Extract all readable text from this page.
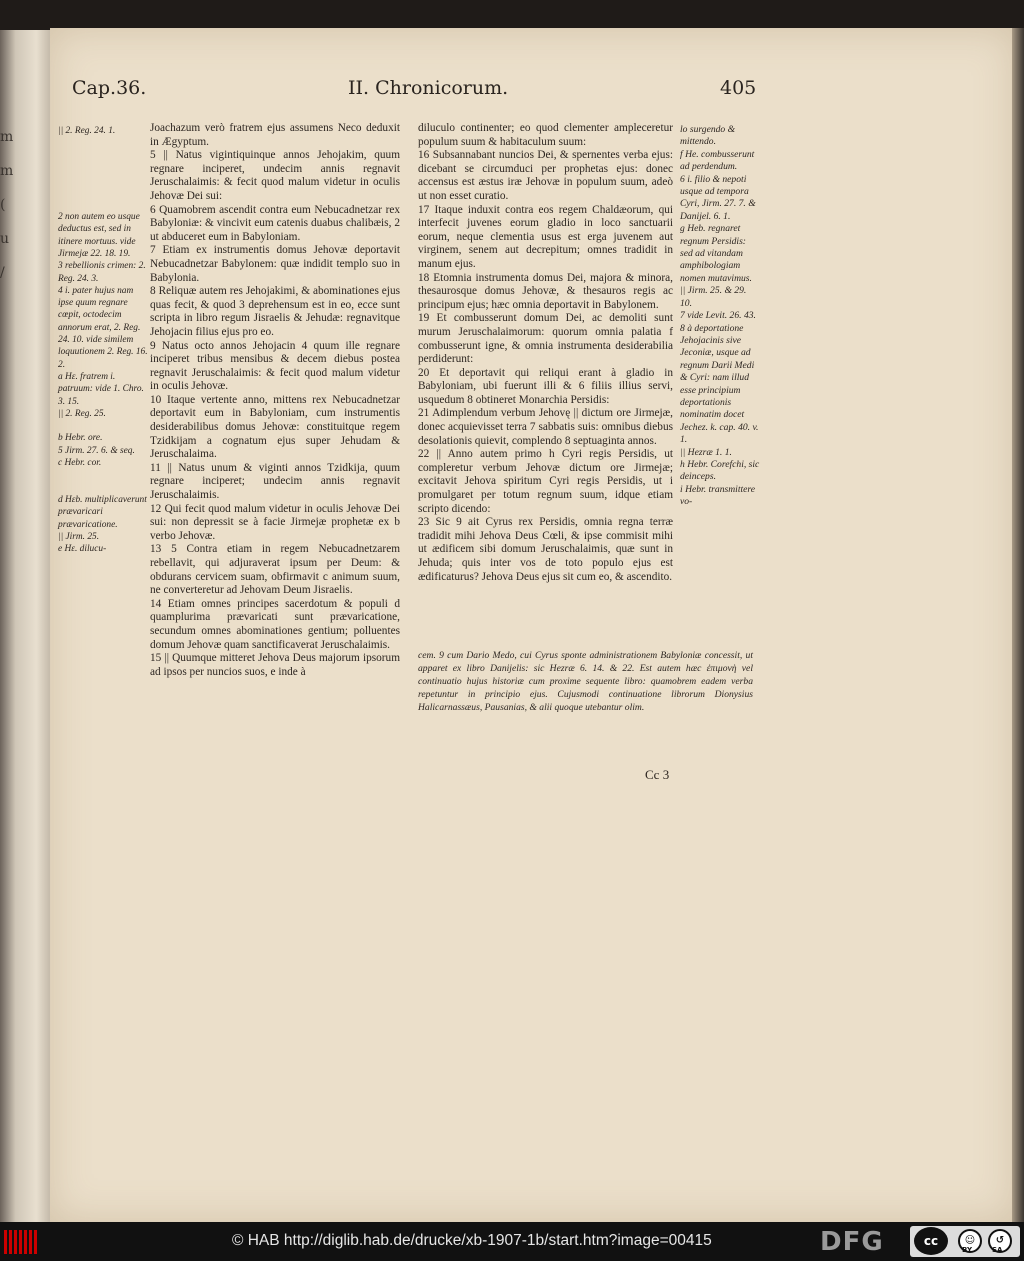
mm ( u /
Cap.36.	II. Chronicorum.	405

|| 2. Reg. 24. 1.

2 non autem eo usque deductus est, sed in itinere mortuus. vide Jirmejæ 22. 18. 19.

3 rebellionis crimen: 2. Reg. 24. 3.

4 i. pater hujus nam ipse quum regnare cœpit, octodecim annorum erat, 2. Reg. 24. 10. vide similem loquutionem 2. Reg. 16. 2.

a Hɛ. fratrem i. patruum: vide 1. Chro. 3. 15.

|| 2. Reg. 25.

b Hebr. ore.

5 Jirm. 27. 6. & seq.

c Hebr. cor.

d Hɛb. multiplicaverunt prævaricari prævaricatione.

|| Jirm. 25.

e Hɛ. dilucu-

Joachazum verò fratrem ejus assumens Neco deduxit in Ægyptum.

5 || Natus vigintiquinque annos Jehojakim, quum regnare inciperet, undecim annis regnavit Jeruschalaimis: & fecit quod malum videtur in oculis Jehovæ Dei sui:

6 Quamobrem ascendit contra eum Nebucadnetzar rex Babyloniæ: & vincivit eum catenis duabus chalibæis, 2 ut abduceret eum in Babyloniam.

7 Etiam ex instrumentis domus Jehovæ deportavit Nebucadnetzar Babylonem: quæ indidit templo suo in Babylonia.

8 Reliquæ autem res Jehojakimi, & abominationes ejus quas fecit, & quod 3 deprehensum est in eo, ecce sunt scripta in libro regum Jisraelis & Jehudæ: regnavitque Jehojacin filius ejus pro eo.

9 Natus octo annos Jehojacin 4 quum ille regnare inciperet tribus mensibus & decem diebus postea regnavit Jeruschalaimis: & fecit quod malum videtur in oculis Jehovæ.

10 Itaque vertente anno, mittens rex Nebucadnetzar deportavit eum in Babyloniam, cum instrumentis desiderabilibus domus Jehovæ: constituitque regem Tzidkijam a cognatum ejus super Jehudam & Jeruschalaima.

11 || Natus unum & viginti annos Tzidkija, quum regnare inciperet; undecim annis regnavit Jeruschalaimis.

12 Qui fecit quod malum videtur in oculis Jehovæ Dei sui: non depressit se à facie Jirmejæ prophetæ ex b verbo Jehovæ.

13 5 Contra etiam in regem Nebucadnetzarem rebellavit, qui adjuraverat ipsum per Deum: & obdurans cervicem suam, obfirmavit c animum suum, ne converteretur ad Jehovam Deum Jisraelis.

14 Etiam omnes principes sacerdotum & populi d quamplurima prævaricati sunt prævaricatione, secundum omnes abominationes gentium; polluentes domum Jehovæ quam sanctificaverat Jeruschalaimis.

15 || Quumque mitteret Jehova Deus majorum ipsorum ad ipsos per nuncios suos, e inde à

diluculo continenter; eo quod clementer ampleceretur populum suum & habitaculum suum:

16 Subsannabant nuncios Dei, & spernentes verba ejus: dicebant se circumduci per prophetas ejus: donec accensus est æstus iræ Jehovæ in populum suum, adeò ut non esset curatio.

17 Itaque induxit contra eos regem Chaldæorum, qui interfecit juvenes eorum gladio in loco sanctuarii eorum, neque clementia usus est erga juvenem aut virginem, senem aut decrepitum; omnes tradidit in manum ejus.

18 Etomnia instrumenta domus Dei, majora & minora, thesaurosque domus Jehovæ, & thesauros regis ac principum ejus; hæc omnia deportavit in Babylonem.

19 Et combusserunt domum Dei, ac demoliti sunt murum Jeruschalaimorum: quorum omnia palatia f combusserunt igne, & omnia instrumenta desiderabilia perdiderunt:

20 Et deportavit qui reliqui erant à gladio in Babyloniam, ubi fuerunt illi & 6 filiis illius servi, usquedum 8 obtineret Monarchia Persidis:

21 Adimplendum verbum Jehovę || dictum ore Jirmejæ, donec acquievisset terra 7 sabbatis suis: omnibus diebus desolationis quievit, complendo 8 septuaginta annos.

22 || Anno autem primo h Cyri regis Persidis, ut compleretur verbum Jehovæ dictum ore Jirmejæ; excitavit Jehova spiritum Cyri regis Persidis, ut i promulgaret per totum regnum suum, idque etiam scripto dicendo:

23 Sic 9 ait Cyrus rex Persidis, omnia regna terræ tradidit mihi Jehova Deus Cœli, & ipse commisit mihi ut ædificem sibi domum Jeruschalaimis, quæ sunt in Jehuda; quis inter vos de toto populo ejus est ædificaturus? Jehova Deus ejus sit cum eo, & ascendito.

lo surgendo & mittendo.

f He. combusserunt ad perdendum.

6 i. filio & nepoti usque ad tempora Cyri, Jirm. 27. 7. & Danijel. 6. 1.

g Heb. regnaret regnum Persidis: sed ad vitandam amphibologiam nomen mutavimus.

|| Jirm. 25. & 29. 10.

7 vide Levit. 26. 43.

8 à deportatione Jehojacinis sive Jeconiæ, usque ad regnum Darii Medi & Cyri: nam illud esse principium deportationis nominatim docet Jechez. k. cap. 40. v. 1.

|| Hezræ 1. 1.

h Hebr. Corefchi, sic deinceps.

i Hebr. transmittere vo-

cem. 9 cum Dario Medo, cui Cyrus sponte administrationem Babyloniæ concessit, ut apparet ex libro Danijelis: sic Hezræ 6. 14. & 22. Est autem hæc ἐπιμονὴ vel continuatio hujus historiæ cum proxime sequente libro: quamobrem eadem verba repetuntur in principio ejus. Cujusmodi continuatione librorum Dionysius Halicarnassæus, Pausanias, & alii quoque utebantur olim.
Cc 3
© HAB http://diglib.hab.de/drucke/xb-1907-1b/start.htm?image=00415	DFG	cc	☺	↺
BY	SA
